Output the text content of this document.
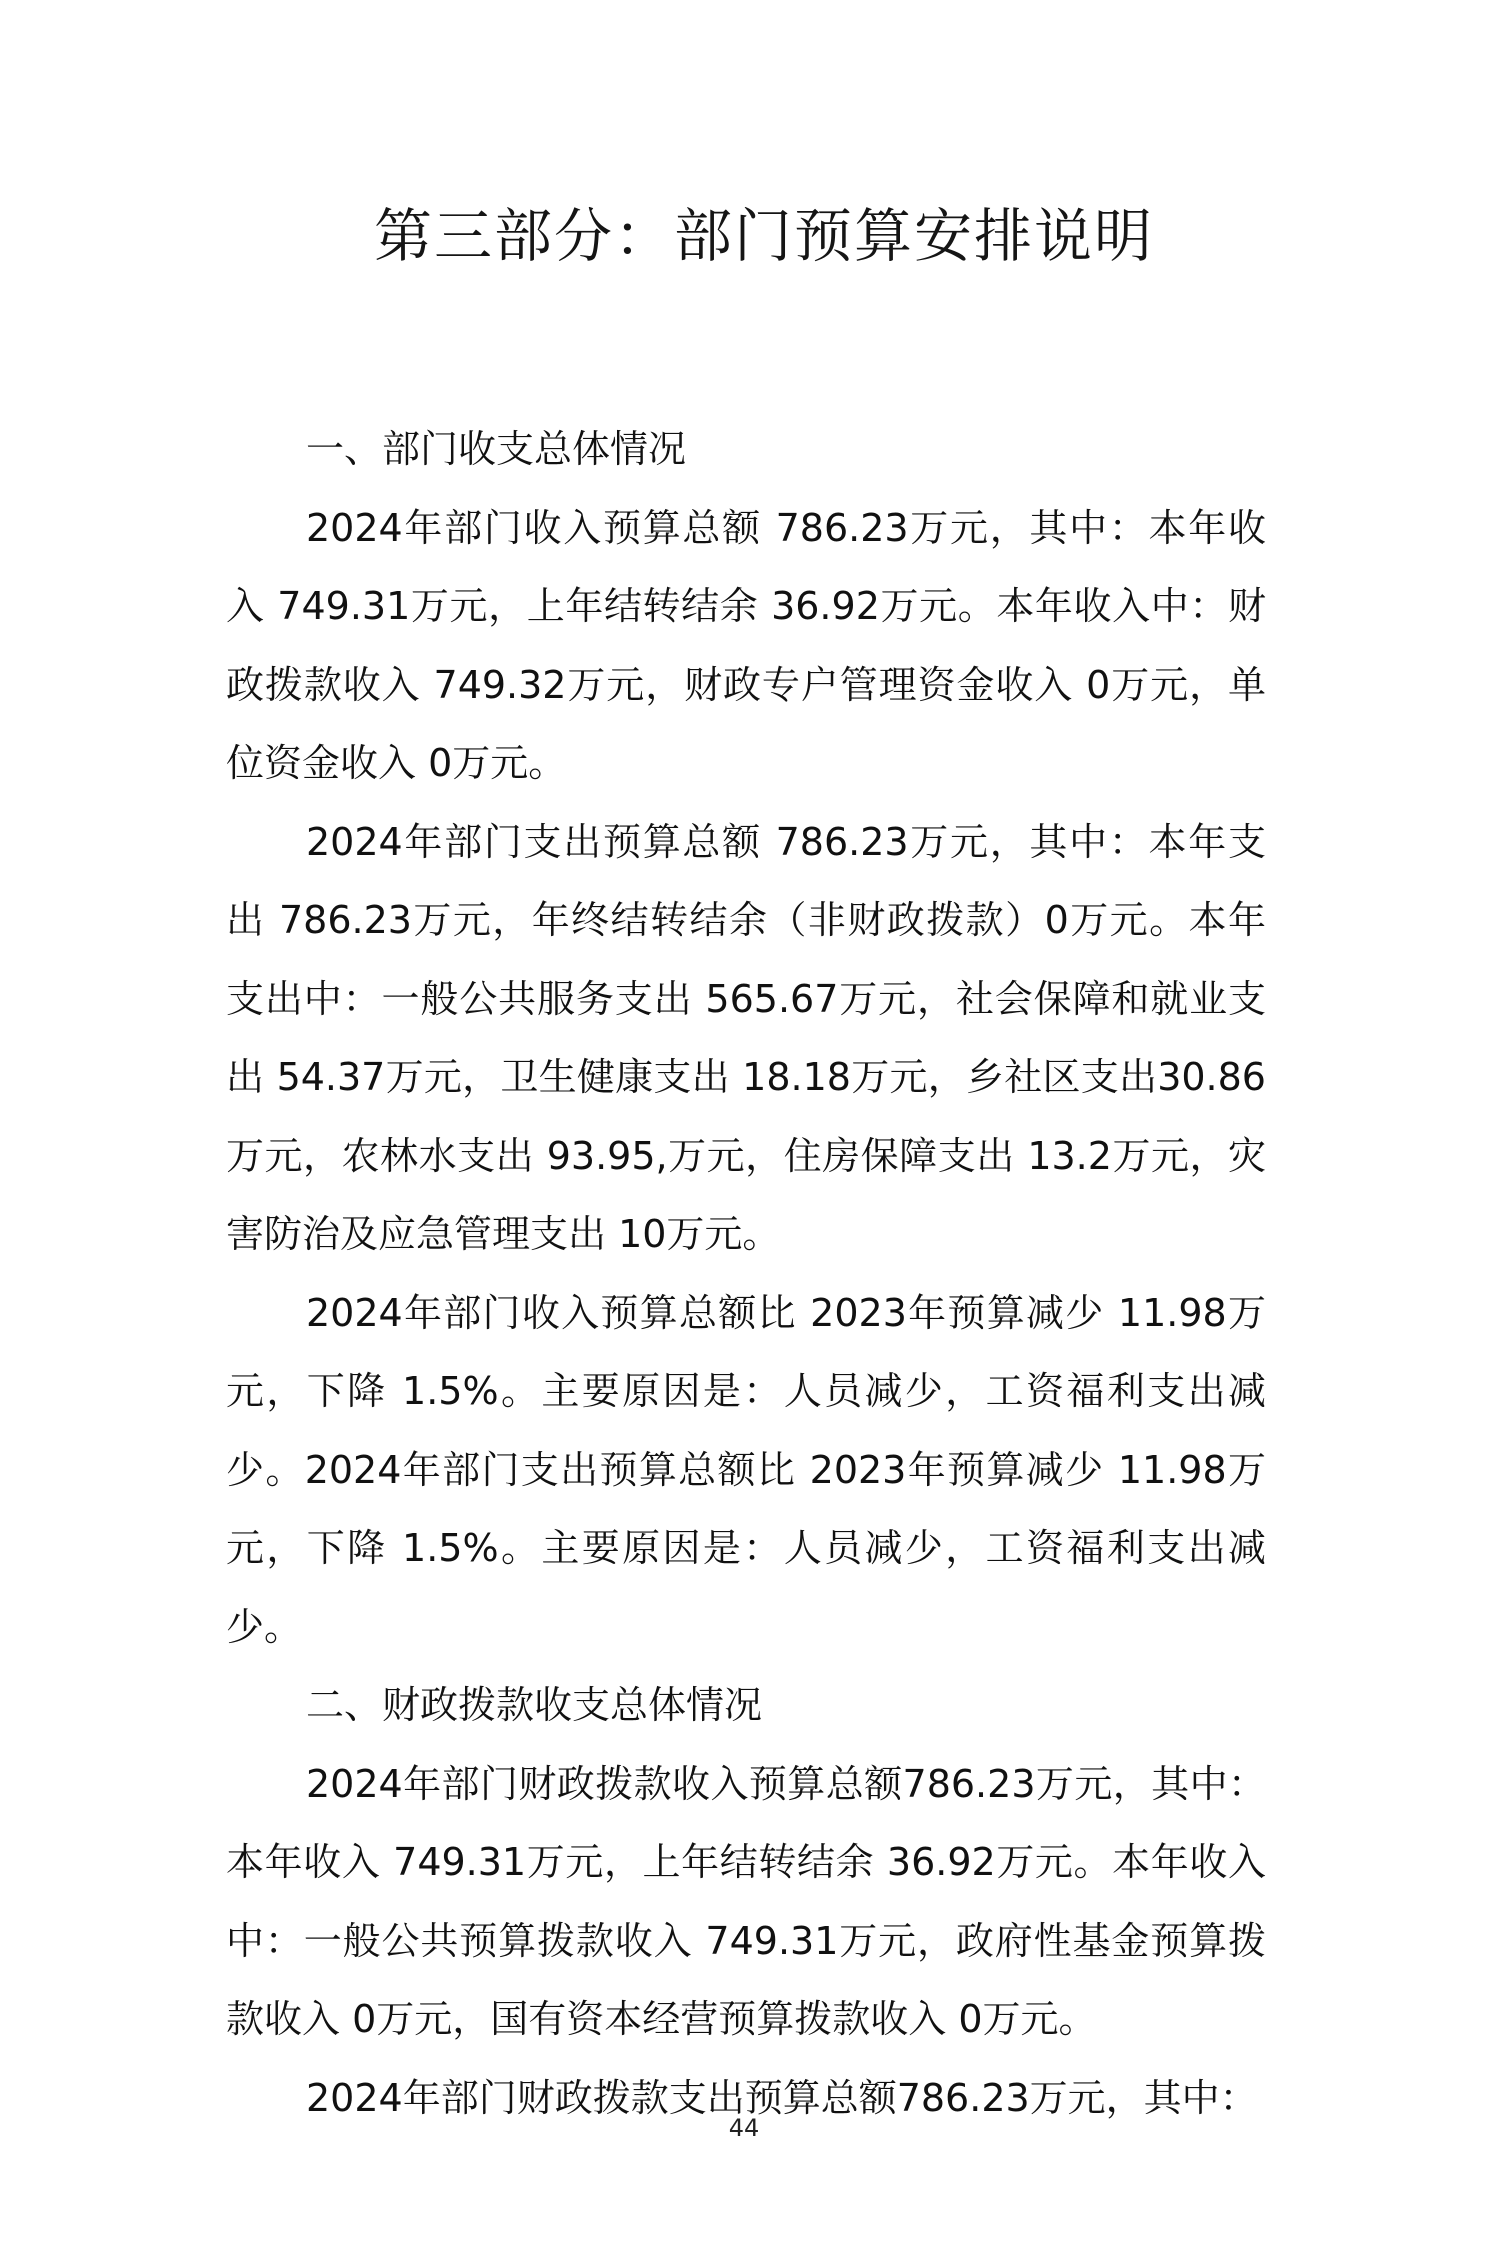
第三部分：部门预算安排说明

一、部门收支总体情况

2024年部门收入预算总额 786.23万元，其中：本年收入 749.31万元，上年结转结余 36.92万元。本年收入中：财政拨款收入 749.32万元，财政专户管理资金收入 0万元，单位资金收入 0万元。

2024年部门支出预算总额 786.23万元，其中：本年支出 786.23万元，年终结转结余（非财政拨款）0万元。本年支出中：一般公共服务支出 565.67万元，社会保障和就业支出 54.37万元，卫生健康支出 18.18万元，乡社区支出30.86万元，农林水支出 93.95,万元，住房保障支出 13.2万元，灾害防治及应急管理支出 10万元。

2024年部门收入预算总额比 2023年预算减少 11.98万元，下降 1.5%。主要原因是：人员减少，工资福利支出减少。2024年部门支出预算总额比 2023年预算减少 11.98万元，下降 1.5%。主要原因是：人员减少，工资福利支出减少。

二、财政拨款收支总体情况

2024年部门财政拨款收入预算总额786.23万元，其中：本年收入 749.31万元，上年结转结余 36.92万元。本年收入中：一般公共预算拨款收入 749.31万元，政府性基金预算拨款收入 0万元，国有资本经营预算拨款收入 0万元。

2024年部门财政拨款支出预算总额786.23万元，其中：

44
